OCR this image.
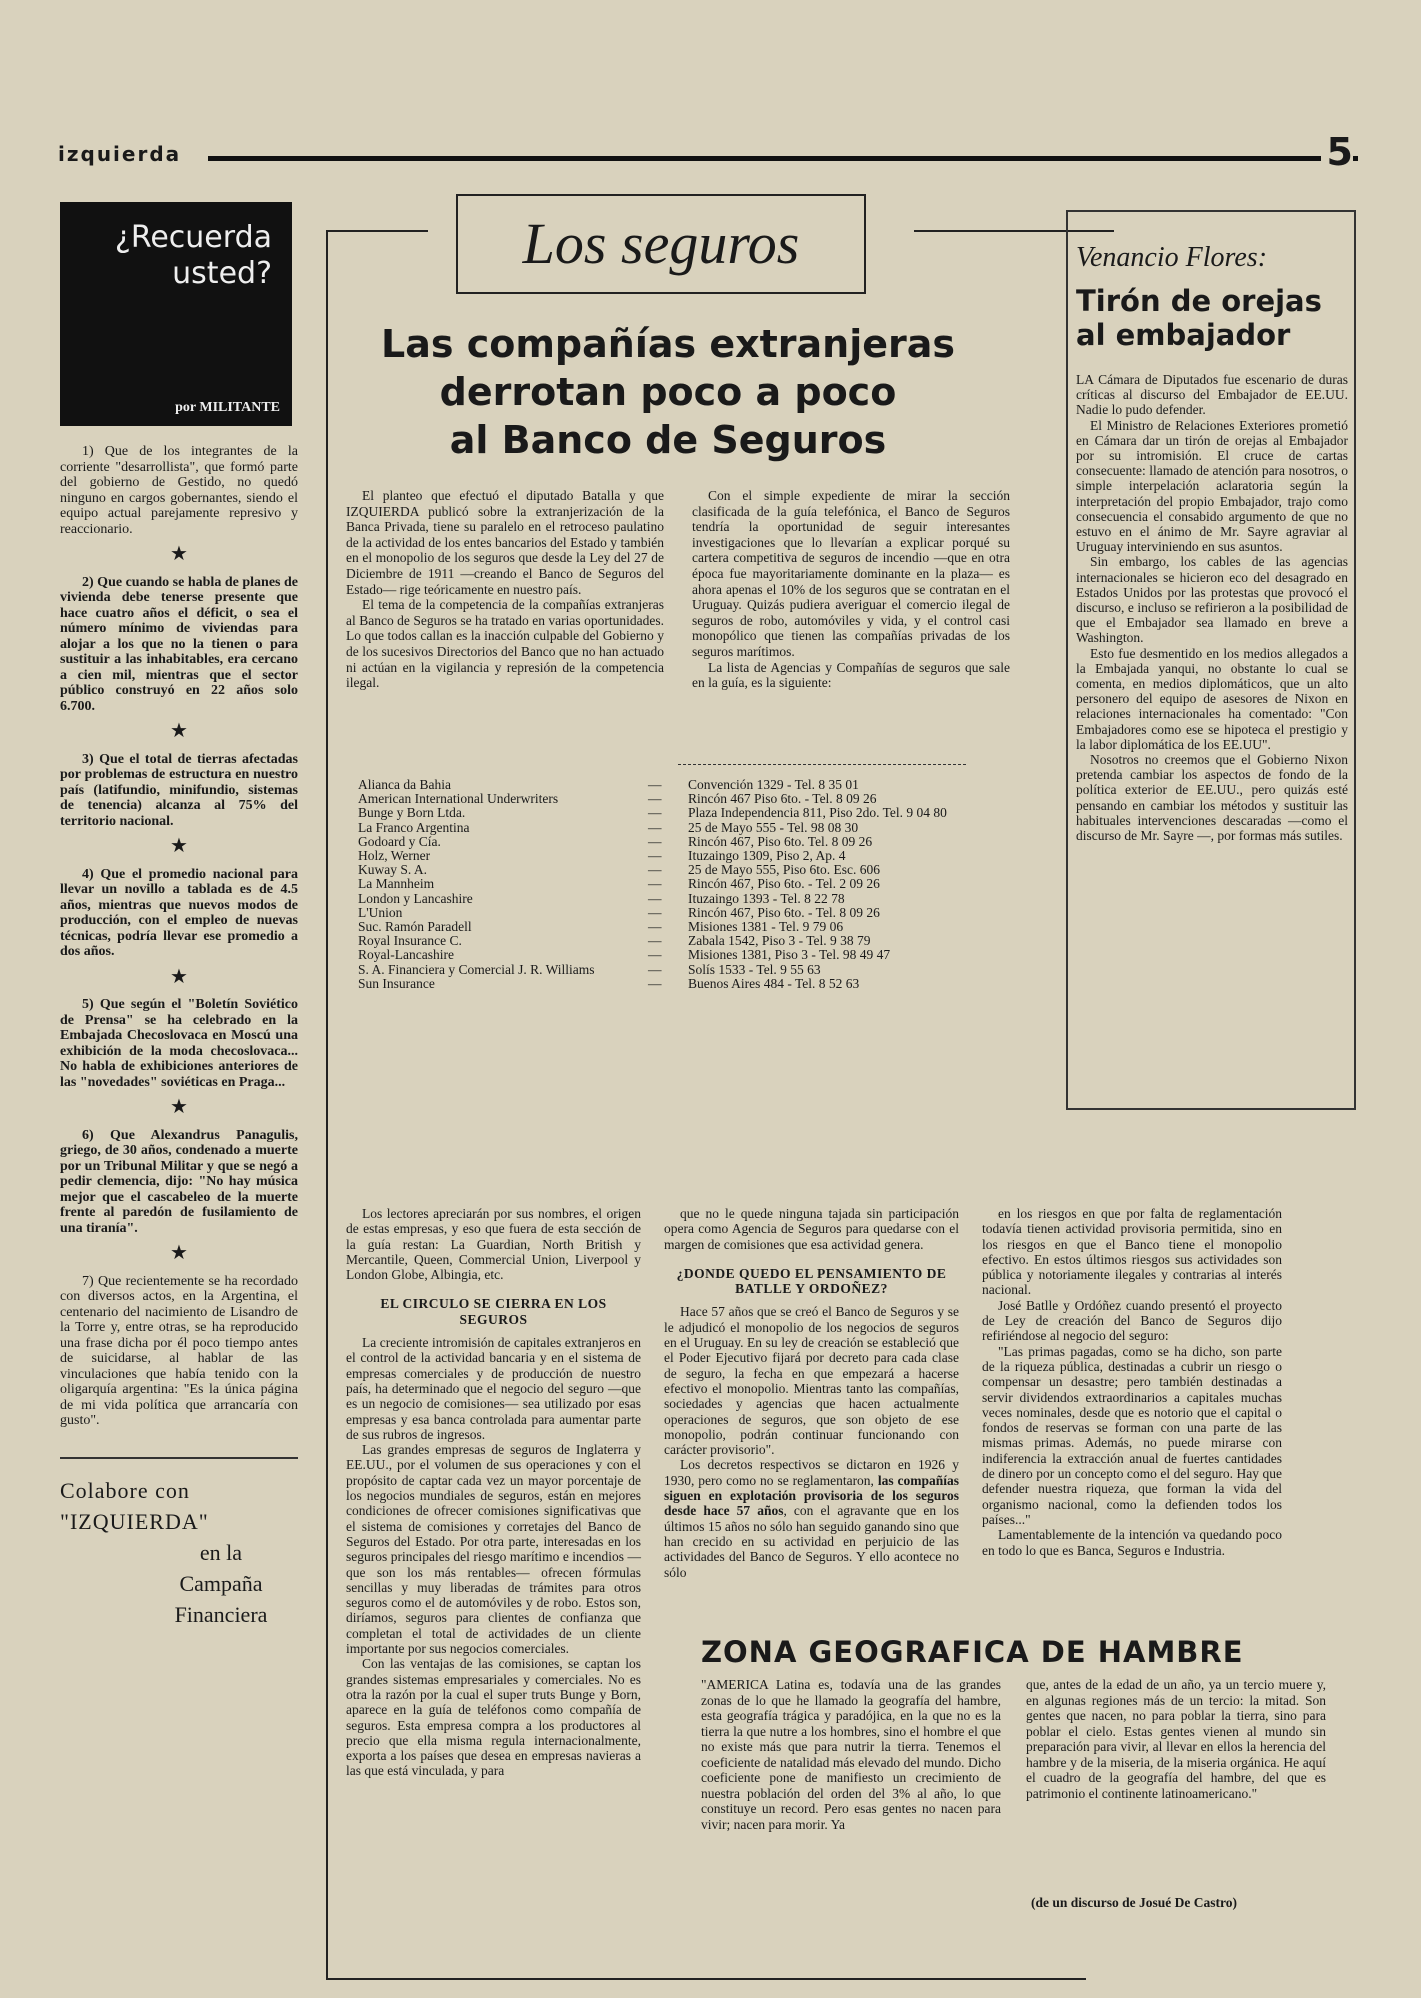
izquierda	5
¿Recuerda usted?
por MILITANTE

1) Que de los integrantes de la corriente "desarrollista", que formó parte del gobierno de Gestido, no quedó ninguno en cargos gobernantes, siendo el equipo actual parejamente represivo y reaccionario.

★

2) Que cuando se habla de planes de vivienda debe tenerse presente que hace cuatro años el déficit, o sea el número mínimo de viviendas para alojar a los que no la tienen o para sustituir a las inhabitables, era cercano a cien mil, mientras que el sector público construyó en 22 años solo 6.700.

★

3) Que el total de tierras afectadas por problemas de estructura en nuestro país (latifundio, minifundio, sistemas de tenencia) alcanza al 75% del territorio nacional.

★

4) Que el promedio nacional para llevar un novillo a tablada es de 4.5 años, mientras que nuevos modos de producción, con el empleo de nuevas técnicas, podría llevar ese promedio a dos años.

★

5) Que según el "Boletín Soviético de Prensa" se ha celebrado en la Embajada Checoslovaca en Moscú una exhibición de la moda checoslovaca... No habla de exhibiciones anteriores de las "novedades" soviéticas en Praga...

★

6) Que Alexandrus Panagulis, griego, de 30 años, condenado a muerte por un Tribunal Militar y que se negó a pedir clemencia, dijo: "No hay música mejor que el cascabeleo de la muerte frente al paredón de fusilamiento de una tiranía".

★

7) Que recientemente se ha recordado con diversos actos, en la Argentina, el centenario del nacimiento de Lisandro de la Torre y, entre otras, se ha reproducido una frase dicha por él poco tiempo antes de suicidarse, al hablar de las vinculaciones que había tenido con la oligarquía argentina: "Es la única página de mi vida política que arrancaría con gusto".

Colabore con
"IZQUIERDA"
en la
Campaña
Financiera
Los seguros
Las compañías extranjeras
derrotan poco a poco
al Banco de Seguros

El planteo que efectuó el diputado Batalla y que IZQUIERDA publicó sobre la extranjerización de la Banca Privada, tiene su paralelo en el retroceso paulatino de la actividad de los entes bancarios del Estado y también en el monopolio de los seguros que desde la Ley del 27 de Diciembre de 1911 —creando el Banco de Seguros del Estado— rige teóricamente en nuestro país.

El tema de la competencia de la compañías extranjeras al Banco de Seguros se ha tratado en varias oportunidades. Lo que todos callan es la inacción culpable del Gobierno y de los sucesivos Directorios del Banco que no han actuado ni actúan en la vigilancia y represión de la competencia ilegal.

Con el simple expediente de mirar la sección clasificada de la guía telefónica, el Banco de Seguros tendría la oportunidad de seguir interesantes investigaciones que lo llevarían a explicar porqué su cartera competitiva de seguros de incendio —que en otra época fue mayoritariamente dominante en la plaza— es ahora apenas el 10% de los seguros que se contratan en el Uruguay. Quizás pudiera averiguar el comercio ilegal de seguros de robo, automóviles y vida, y el control casi monopólico que tienen las compañías privadas de los seguros marítimos.

La lista de Agencias y Compañías de seguros que sale en la guía, es la siguiente:

Alianca da Bahia	—	Convención 1329 - Tel. 8 35 01
American International Underwriters	—	Rincón 467 Piso 6to. - Tel. 8 09 26
Bunge y Born Ltda.	—	Plaza Independencia 811, Piso 2do. Tel. 9 04 80
La Franco Argentina	—	25 de Mayo 555 - Tel. 98 08 30
Godoard y Cía.	—	Rincón 467, Piso 6to. Tel. 8 09 26
Holz, Werner	—	Ituzaingo 1309, Piso 2, Ap. 4
Kuway S. A.	—	25 de Mayo 555, Piso 6to. Esc. 606
La Mannheim	—	Rincón 467, Piso 6to. - Tel. 2 09 26
London y Lancashire	—	Ituzaingo 1393 - Tel. 8 22 78
L'Union	—	Rincón 467, Piso 6to. - Tel. 8 09 26
Suc. Ramón Paradell	—	Misiones 1381 - Tel. 9 79 06
Royal Insurance C.	—	Zabala 1542, Piso 3 - Tel. 9 38 79
Royal-Lancashire	—	Misiones 1381, Piso 3 - Tel. 98 49 47
S. A. Financiera y Comercial J. R. Williams	—	Solís 1533 - Tel. 9 55 63
Sun Insurance	—	Buenos Aires 484 - Tel. 8 52 63

Los lectores apreciarán por sus nombres, el origen de estas empresas, y eso que fuera de esta sección de la guía restan: La Guardian, North British y Mercantile, Queen, Commercial Union, Liverpool y London Globe, Albingia, etc.

EL CIRCULO SE CIERRA EN LOS SEGUROS

La creciente intromisión de capitales extranjeros en el control de la actividad bancaria y en el sistema de empresas comerciales y de producción de nuestro país, ha determinado que el negocio del seguro —que es un negocio de comisiones— sea utilizado por esas empresas y esa banca controlada para aumentar parte de sus rubros de ingresos.

Las grandes empresas de seguros de Inglaterra y EE.UU., por el volumen de sus operaciones y con el propósito de captar cada vez un mayor porcentaje de los negocios mundiales de seguros, están en mejores condiciones de ofrecer comisiones significativas que el sistema de comisiones y corretajes del Banco de Seguros del Estado. Por otra parte, interesadas en los seguros principales del riesgo marítimo e incendios —que son los más rentables— ofrecen fórmulas sencillas y muy liberadas de trámites para otros seguros como el de automóviles y de robo. Estos son, diríamos, seguros para clientes de confianza que completan el total de actividades de un cliente importante por sus negocios comerciales.

Con las ventajas de las comisiones, se captan los grandes sistemas empresariales y comerciales. No es otra la razón por la cual el super truts Bunge y Born, aparece en la guía de teléfonos como compañía de seguros. Esta empresa compra a los productores al precio que ella misma regula internacionalmente, exporta a los países que desea en empresas navieras a las que está vinculada, y para

que no le quede ninguna tajada sin participación opera como Agencia de Seguros para quedarse con el margen de comisiones que esa actividad genera.

¿DONDE QUEDO EL PENSAMIENTO DE BATLLE Y ORDOÑEZ?

Hace 57 años que se creó el Banco de Seguros y se le adjudicó el monopolio de los negocios de seguros en el Uruguay. En su ley de creación se estableció que el Poder Ejecutivo fijará por decreto para cada clase de seguro, la fecha en que empezará a hacerse efectivo el monopolio. Mientras tanto las compañías, sociedades y agencias que hacen actualmente operaciones de seguros, que son objeto de ese monopolio, podrán continuar funcionando con carácter provisorio".

Los decretos respectivos se dictaron en 1926 y 1930, pero como no se reglamentaron, las compañías siguen en explotación provisoria de los seguros desde hace 57 años, con el agravante que en los últimos 15 años no sólo han seguido ganando sino que han crecido en su actividad en perjuicio de las actividades del Banco de Seguros. Y ello acontece no sólo

en los riesgos en que por falta de reglamentación todavía tienen actividad provisoria permitida, sino en los riesgos en que el Banco tiene el monopolio efectivo. En estos últimos riesgos sus actividades son pública y notoriamente ilegales y contrarias al interés nacional.

José Batlle y Ordóñez cuando presentó el proyecto de Ley de creación del Banco de Seguros dijo refiriéndose al negocio del seguro:

"Las primas pagadas, como se ha dicho, son parte de la riqueza pública, destinadas a cubrir un riesgo o compensar un desastre; pero también destinadas a servir dividendos extraordinarios a capitales muchas veces nominales, desde que es notorio que el capital o fondos de reservas se forman con una parte de las mismas primas. Además, no puede mirarse con indiferencia la extracción anual de fuertes cantidades de dinero por un concepto como el del seguro. Hay que defender nuestra riqueza, que forman la vida del organismo nacional, como la defienden todos los países..."

Lamentablemente de la intención va quedando poco en todo lo que es Banca, Seguros e Industria.

Venancio Flores:
Tirón de orejas
al embajador

LA Cámara de Diputados fue escenario de duras críticas al discurso del Embajador de EE.UU. Nadie lo pudo defender.

El Ministro de Relaciones Exteriores prometió en Cámara dar un tirón de orejas al Embajador por su intromisión. El cruce de cartas consecuente: llamado de atención para nosotros, o simple interpelación aclaratoria según la interpretación del propio Embajador, trajo como consecuencia el consabido argumento de que no estuvo en el ánimo de Mr. Sayre agraviar al Uruguay interviniendo en sus asuntos.

Sin embargo, los cables de las agencias internacionales se hicieron eco del desagrado en Estados Unidos por las protestas que provocó el discurso, e incluso se refirieron a la posibilidad de que el Embajador sea llamado en breve a Washington.

Esto fue desmentido en los medios allegados a la Embajada yanqui, no obstante lo cual se comenta, en medios diplomáticos, que un alto personero del equipo de asesores de Nixon en relaciones internacionales ha comentado: "Con Embajadores como ese se hipoteca el prestigio y la labor diplomática de los EE.UU".

Nosotros no creemos que el Gobierno Nixon pretenda cambiar los aspectos de fondo de la política exterior de EE.UU., pero quizás esté pensando en cambiar los métodos y sustituir las habituales intervenciones descaradas —como el discurso de Mr. Sayre —, por formas más sutiles.

ZONA GEOGRAFICA DE HAMBRE
"AMERICA Latina es, todavía una de las grandes zonas de lo que he llamado la geografía del hambre, esta geografía trágica y paradójica, en la que no es la tierra la que nutre a los hombres, sino el hombre el que no existe más que para nutrir la tierra. Tenemos el coeficiente de natalidad más elevado del mundo. Dicho coeficiente pone de manifiesto un crecimiento de nuestra población del orden del 3% al año, lo que constituye un record. Pero esas gentes no nacen para vivir; nacen para morir. Ya
que, antes de la edad de un año, ya un tercio muere y, en algunas regiones más de un tercio: la mitad. Son gentes que nacen, no para poblar la tierra, sino para poblar el cielo. Estas gentes vienen al mundo sin preparación para vivir, al llevar en ellos la herencia del hambre y de la miseria, de la miseria orgánica. He aquí el cuadro de la geografía del hambre, del que es patrimonio el continente latinoamericano."
(de un discurso de Josué De Castro)
